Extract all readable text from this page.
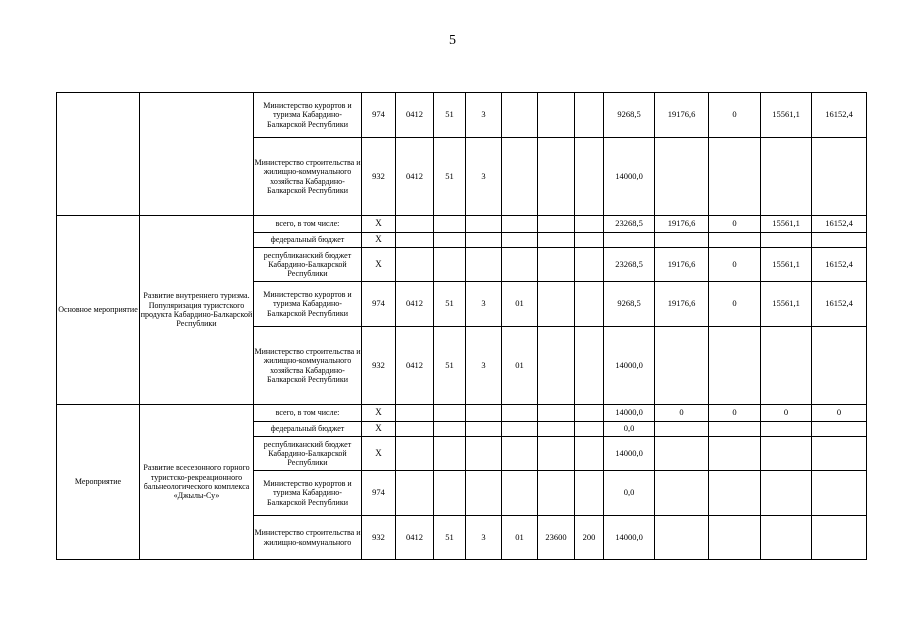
5
		Министерство курортов и туризма Кабардино-Балкарской Республики	974	0412	51	3				9268,5	19176,6	0	15561,1	16152,4	
		Министерство строительства и жилищно-коммунального хозяйства Кабардино-Балкарской Республики	932	0412	51	3				14000,0					
Основное мероприятие	Развитие внутреннего туризма. Популяризация туристского продукта Кабардино-Балкарской Республики	всего, в том числе:	X							23268,5	19176,6	0	15561,1	16152,4	
		федеральный бюджет	X												
		республиканский бюджет Кабардино-Балкарской Республики	X							23268,5	19176,6	0	15561,1	16152,4	
		Министерство курортов и туризма Кабардино-Балкарской Республики	974	0412	51	3	01			9268,5	19176,6	0	15561,1	16152,4	
		Министерство строительства и жилищно-коммунального хозяйства Кабардино-Балкарской Республики	932	0412	51	3	01			14000,0					
Мероприятие	Развитие всесезонного горного туристско-рекреационного бальнеологического комплекса «Джылы-Су»	всего, в том числе:	X							14000,0	0	0	0	0	
		федеральный бюджет	X							0,0					
		республиканский бюджет Кабардино-Балкарской Республики	X							14000,0					
		Министерство курортов и туризма Кабардино-Балкарской Республики	974							0,0					
		Министерство строительства и жилищно-коммунального	932	0412	51	3	01	23600	200	14000,0					
